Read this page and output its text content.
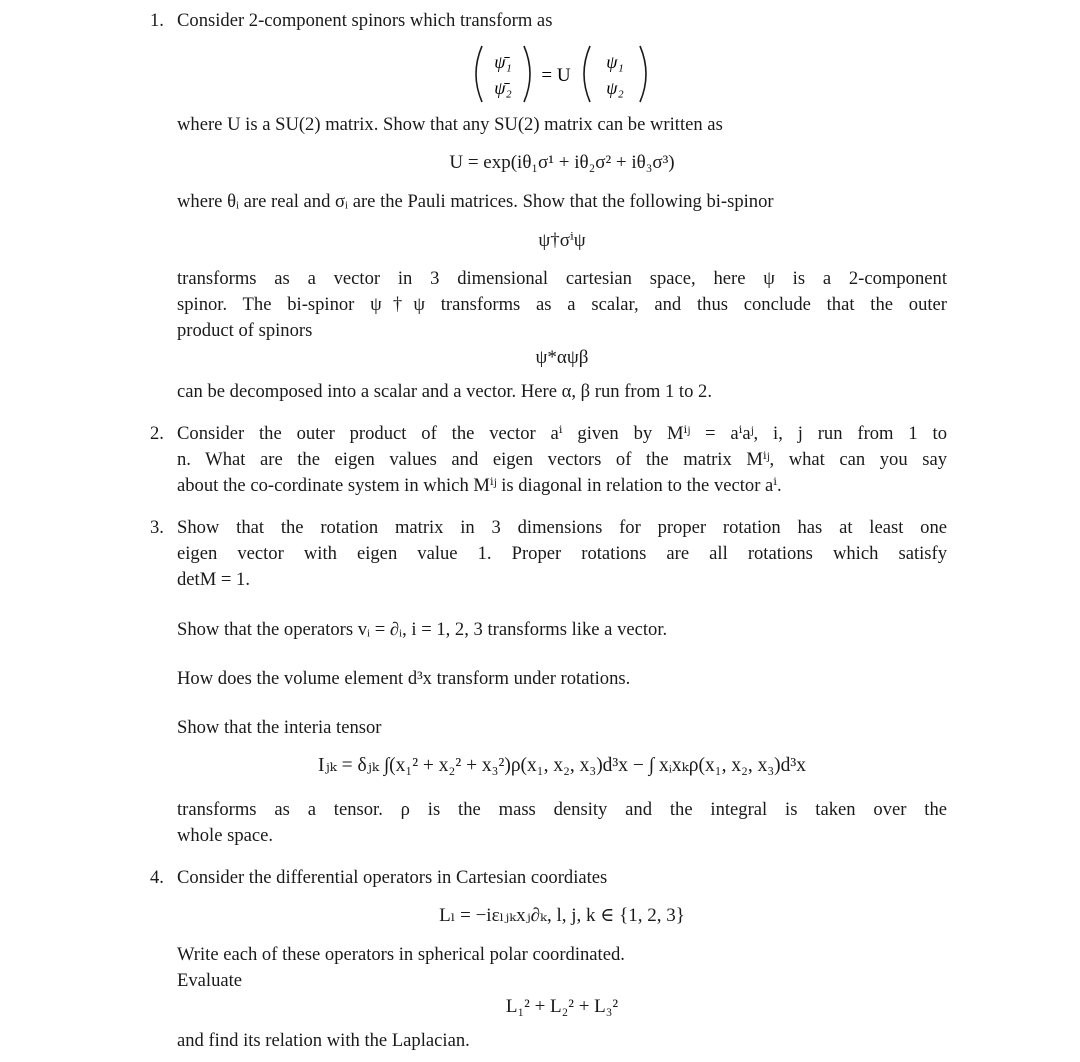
1. Consider 2-component spinors which transform as
ψ̄₁
ψ̄₂
= U
ψ₁
ψ₂
where U is a SU(2) matrix. Show that any SU(2) matrix can be written as
U = exp(iθ₁σ¹ + iθ₂σ² + iθ₃σ³)
where θᵢ are real and σᵢ are the Pauli matrices. Show that the following bi-spinor
ψ†σⁱψ
transforms as a vector in 3 dimensional cartesian space, here ψ is a 2-component
spinor. The bi-spinor ψ†ψ transforms as a scalar, and thus conclude that the outer
product of spinors
ψ*αψβ
can be decomposed into a scalar and a vector. Here α, β run from 1 to 2.
2. Consider the outer product of the vector aⁱ given by Mⁱʲ = aⁱaʲ, i, j run from 1 to
n. What are the eigen values and eigen vectors of the matrix Mⁱʲ, what can you say
about the co-cordinate system in which Mⁱʲ is diagonal in relation to the vector aⁱ.
3. Show that the rotation matrix in 3 dimensions for proper rotation has at least one
eigen vector with eigen value 1. Proper rotations are all rotations which satisfy
detM = 1.
Show that the operators vᵢ = ∂ᵢ, i = 1, 2, 3 transforms like a vector.
How does the volume element d³x transform under rotations.
Show that the interia tensor
Iⱼₖ = δⱼₖ ∫(x₁² + x₂² + x₃²)ρ(x₁, x₂, x₃)d³x − ∫ xᵢxₖρ(x₁, x₂, x₃)d³x
transforms as a tensor. ρ is the mass density and the integral is taken over the
whole space.
4. Consider the differential operators in Cartesian coordiates
Lₗ = −iεₗⱼₖxⱼ∂ₖ, l, j, k ∈ {1, 2, 3}
Write each of these operators in spherical polar coordinated.
Evaluate
L₁² + L₂² + L₃²
and find its relation with the Laplacian.
